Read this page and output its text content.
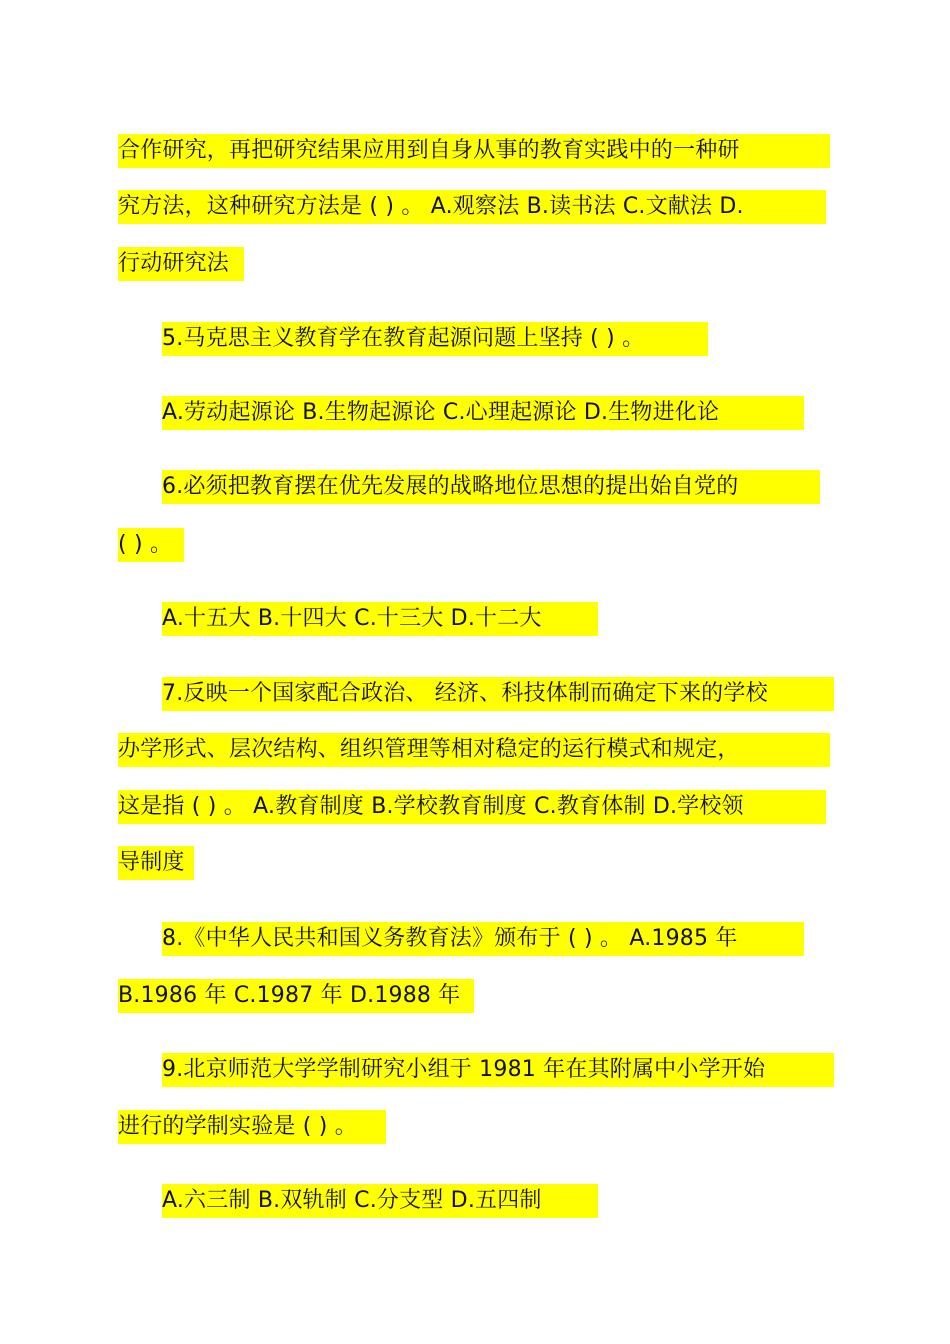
合作研究，再把研究结果应用到自身从事的教育实践中的一种研
究方法，这种研究方法是 ( ) 。 A.观察法 B.读书法 C.文献法 D.
行动研究法
5.马克思主义教育学在教育起源问题上坚持 ( ) 。
A.劳动起源论 B.生物起源论 C.心理起源论 D.生物进化论
6.必须把教育摆在优先发展的战略地位思想的提出始自党的
( ) 。
A.十五大 B.十四大 C.十三大 D.十二大
7.反映一个国家配合政治、 经济、科技体制而确定下来的学校
办学形式、层次结构、组织管理等相对稳定的运行模式和规定，
这是指 ( ) 。 A.教育制度 B.学校教育制度 C.教育体制 D.学校领
导制度
8.《中华人民共和国义务教育法》颁布于 ( ) 。 A.1985 年
B.1986 年 C.1987 年 D.1988 年
9.北京师范大学学制研究小组于 1981 年在其附属中小学开始
进行的学制实验是 ( ) 。
A.六三制 B.双轨制 C.分支型 D.五四制
